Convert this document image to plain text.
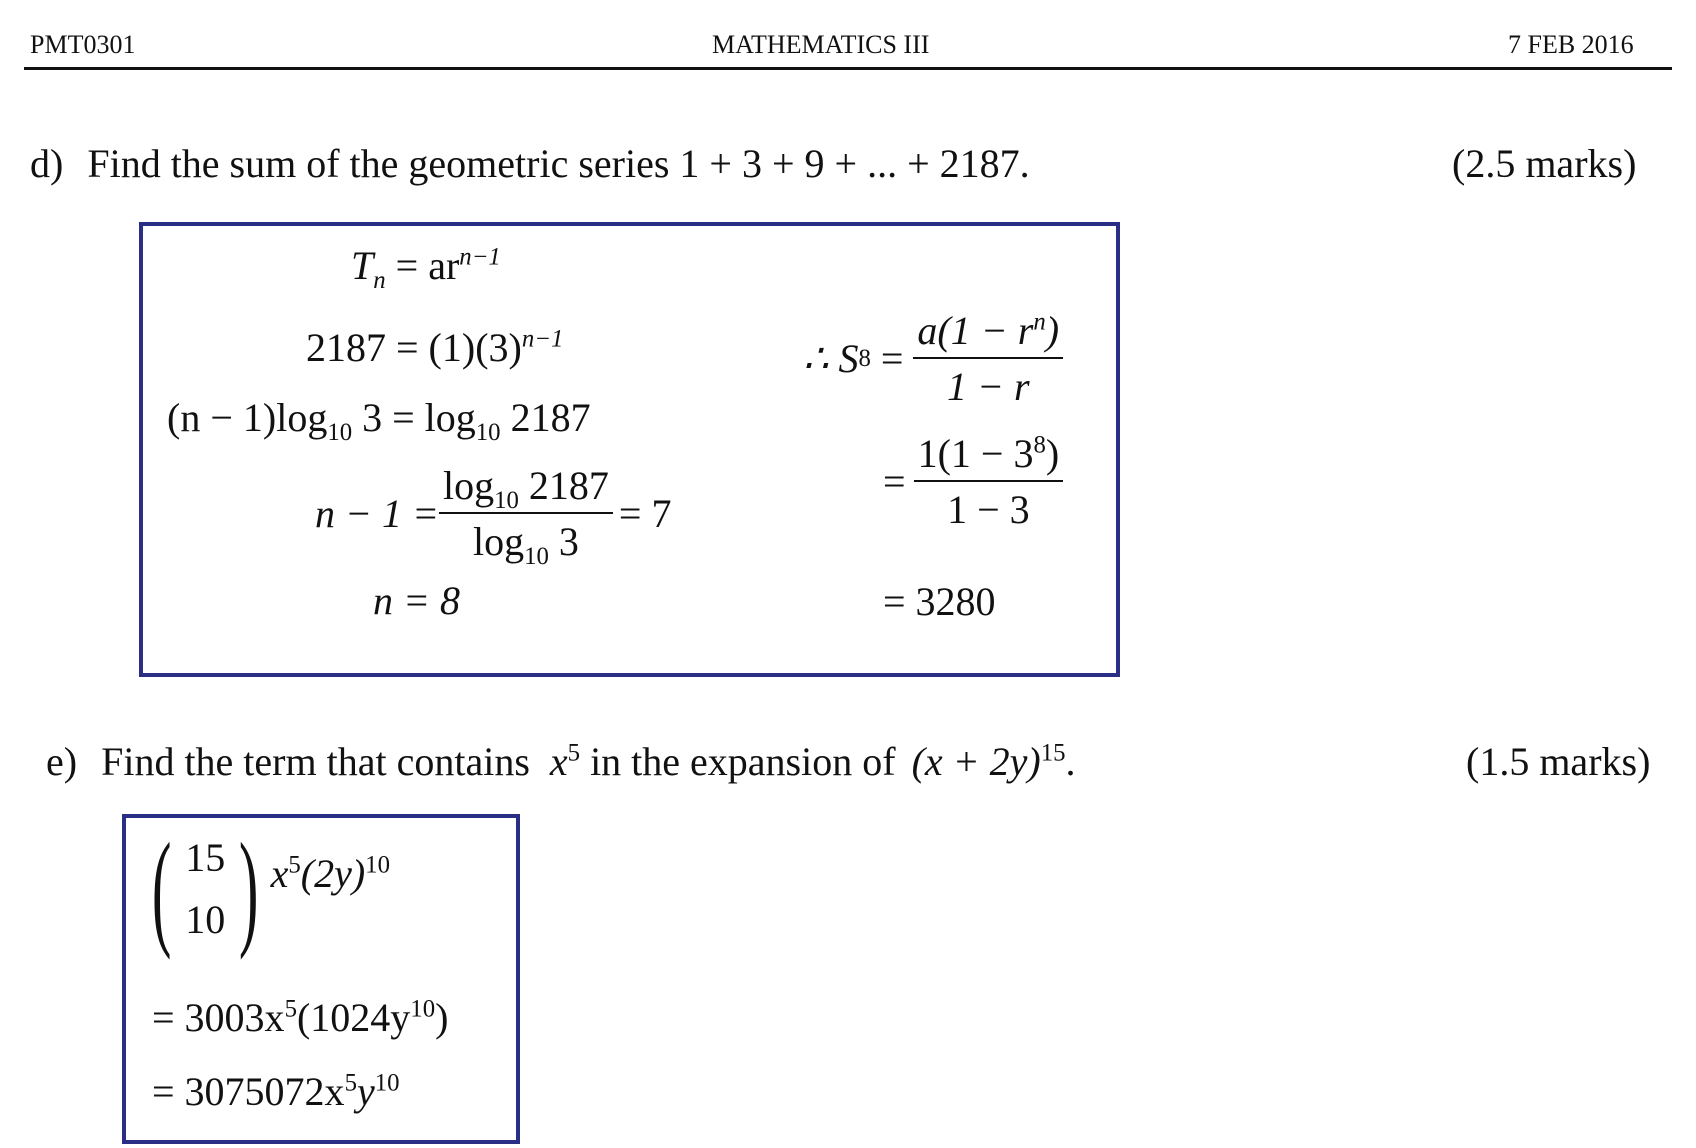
PMT0301	MATHEMATICS III	7 FEB 2016
d) Find the sum of the geometric series 1 + 3 + 9 + ... + 2187.	(2.5 marks)
$T_n = ar^{n-1}$
$2187 = (1)(3)^{n-1}$
$(n - 1)\log_{10}$ $3 = \log_{10} 2187$
$n - 1 = \frac{\log_{10} 2187}{\log_{10} 3} = 7$
n = 8
∴ S $8 = \frac{a(1 - r^n)}{1 - r}$
= $\frac{1(1 - 3^8)}{1 - 3}$
= 3280
e) Find the term that contains $x^5$ in the expansion of $(x + 2y)^{15}$.	(1.5 marks)
( 15
10 ) $x^5(2y)^{10}$
= $3003x^5(1024y^{10})$
= $3075072x^5y^{10}$
